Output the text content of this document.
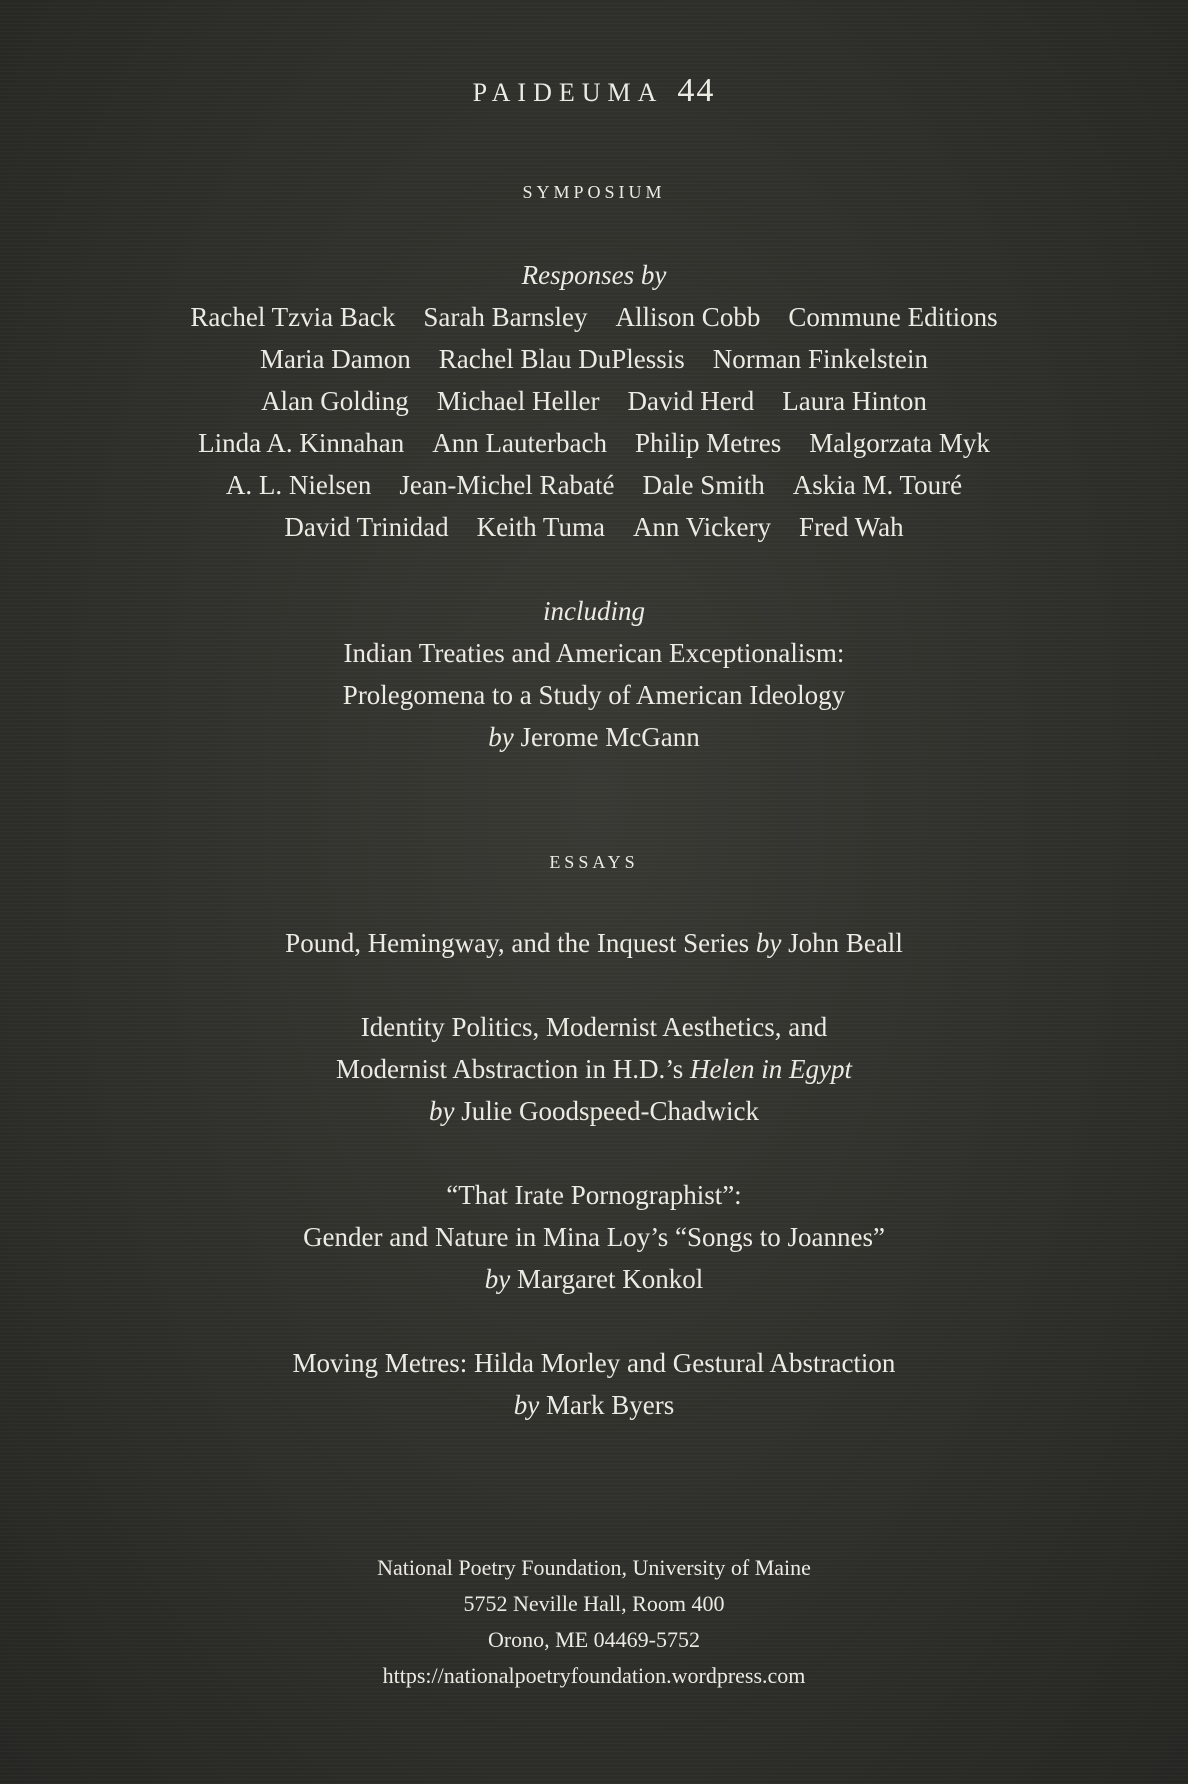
PAIDEUMA 44
SYMPOSIUM
Responses by
Rachel Tzvia Back Sarah Barnsley Allison Cobb Commune Editions
Maria Damon Rachel Blau DuPlessis Norman Finkelstein
Alan Golding Michael Heller David Herd Laura Hinton
Linda A. Kinnahan Ann Lauterbach Philip Metres Malgorzata Myk
A. L. Nielsen Jean-Michel Rabaté Dale Smith Askia M. Touré
David Trinidad Keith Tuma Ann Vickery Fred Wah
including
Indian Treaties and American Exceptionalism:
Prolegomena to a Study of American Ideology
by Jerome McGann
ESSAYS
Pound, Hemingway, and the Inquest Series by John Beall
Identity Politics, Modernist Aesthetics, and
Modernist Abstraction in H.D.’s Helen in Egypt
by Julie Goodspeed-Chadwick
“That Irate Pornographist”:
Gender and Nature in Mina Loy’s “Songs to Joannes”
by Margaret Konkol
Moving Metres: Hilda Morley and Gestural Abstraction
by Mark Byers
National Poetry Foundation, University of Maine
5752 Neville Hall, Room 400
Orono, ME 04469-5752
https://nationalpoetryfoundation.wordpress.com
